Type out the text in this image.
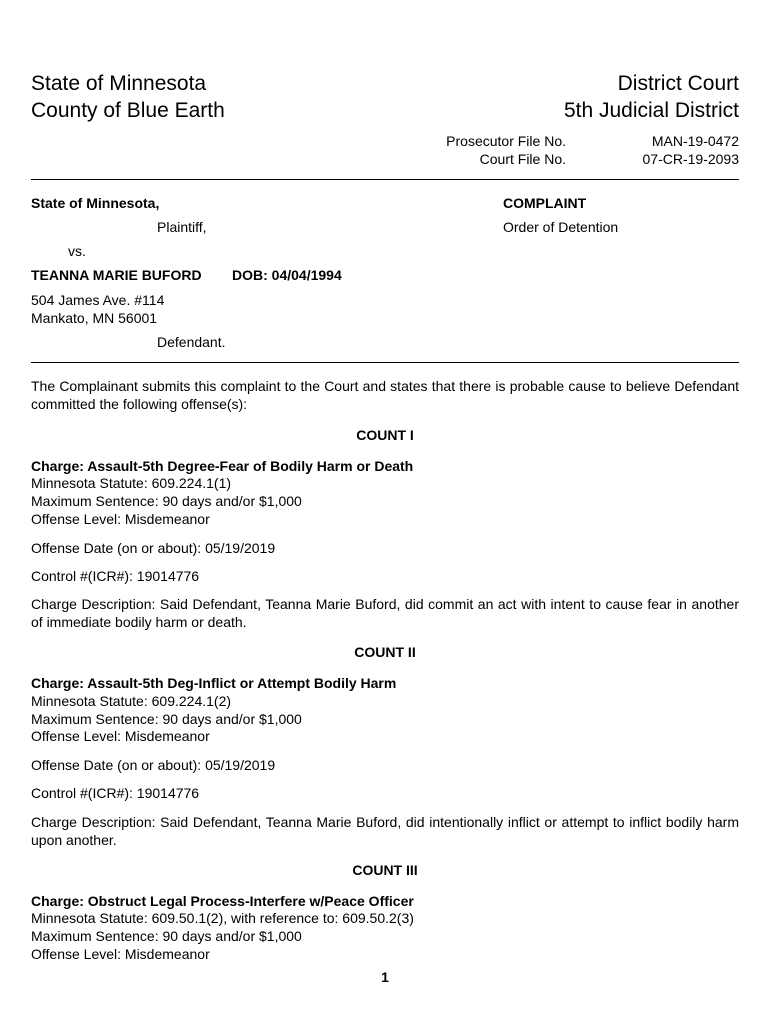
State of Minnesota
County of Blue Earth
District Court
5th Judicial District
Prosecutor File No.	MAN-19-0472
Court File No.	07-CR-19-2093
State of Minnesota,
Plaintiff,
vs.
TEANNA MARIE BUFORD DOB: 04/04/1994
504 James Ave. #114
Mankato, MN 56001
Defendant.
COMPLAINT
Order of Detention
The Complainant submits this complaint to the Court and states that there is probable cause to believe Defendant committed the following offense(s):
COUNT I
Charge: Assault-5th Degree-Fear of Bodily Harm or Death
Minnesota Statute: 609.224.1(1)
Maximum Sentence: 90 days and/or $1,000
Offense Level: Misdemeanor
Offense Date (on or about): 05/19/2019
Control #(ICR#): 19014776
Charge Description: Said Defendant, Teanna Marie Buford, did commit an act with intent to cause fear in another of immediate bodily harm or death.
COUNT II
Charge: Assault-5th Deg-Inflict or Attempt Bodily Harm
Minnesota Statute: 609.224.1(2)
Maximum Sentence: 90 days and/or $1,000
Offense Level: Misdemeanor
Offense Date (on or about): 05/19/2019
Control #(ICR#): 19014776
Charge Description: Said Defendant, Teanna Marie Buford, did intentionally inflict or attempt to inflict bodily harm upon another.
COUNT III
Charge: Obstruct Legal Process-Interfere w/Peace Officer
Minnesota Statute: 609.50.1(2), with reference to: 609.50.2(3)
Maximum Sentence: 90 days and/or $1,000
Offense Level: Misdemeanor
1
